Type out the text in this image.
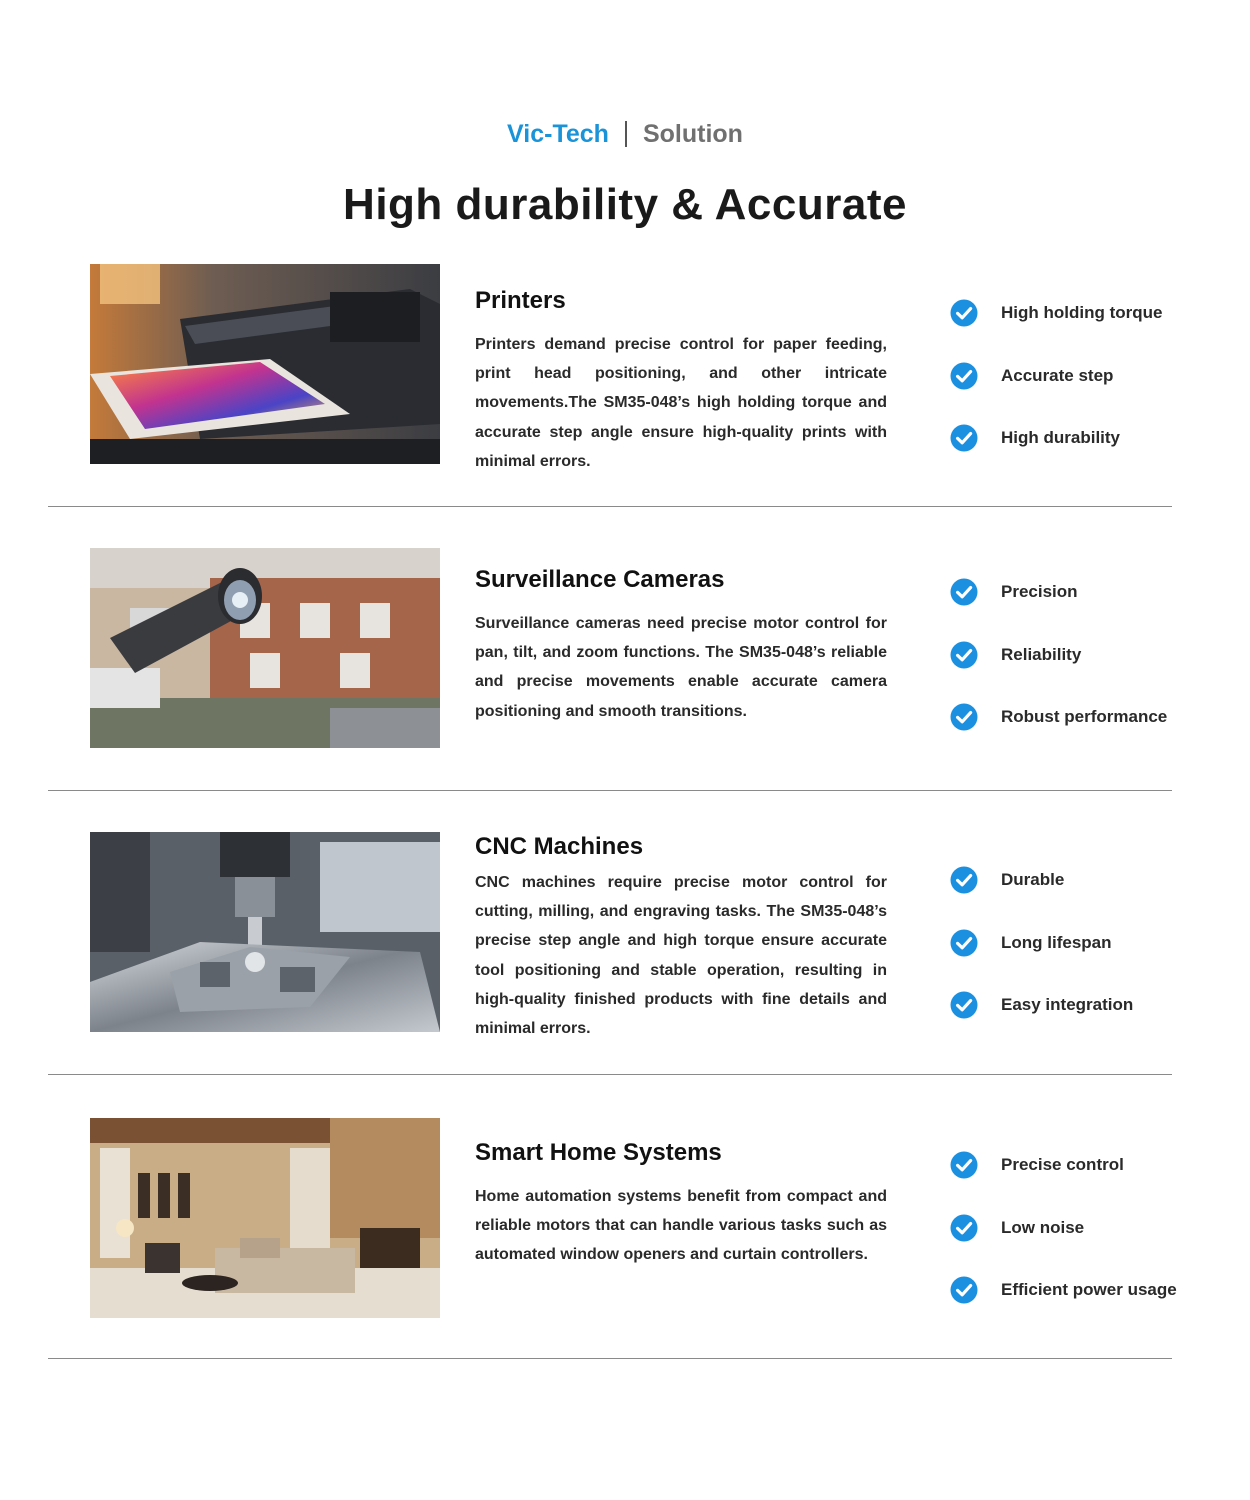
Vic-Tech Solution
High durability & Accurate
Printers

Printers demand precise control for paper feeding, print head positioning, and other intricate movements.The SM35-048’s high holding torque and accurate step angle ensure high-quality prints with minimal errors.

High holding torque
Accurate step
High durability
Surveillance Cameras

Surveillance cameras need precise motor control for pan, tilt, and zoom functions. The SM35-048’s reliable and precise movements enable accurate camera positioning and smooth transitions.

Precision
Reliability
Robust performance
CNC Machines

CNC machines require precise motor control for cutting, milling, and engraving tasks. The SM35-048’s precise step angle and high torque ensure accurate tool positioning and stable operation, resulting in high-quality finished products with fine details and minimal errors.

Durable
Long lifespan
Easy integration
Smart Home Systems

Home automation systems benefit from compact and reliable motors that can handle various tasks such as automated window openers and curtain controllers.

Precise control
Low noise
Efficient power usage
